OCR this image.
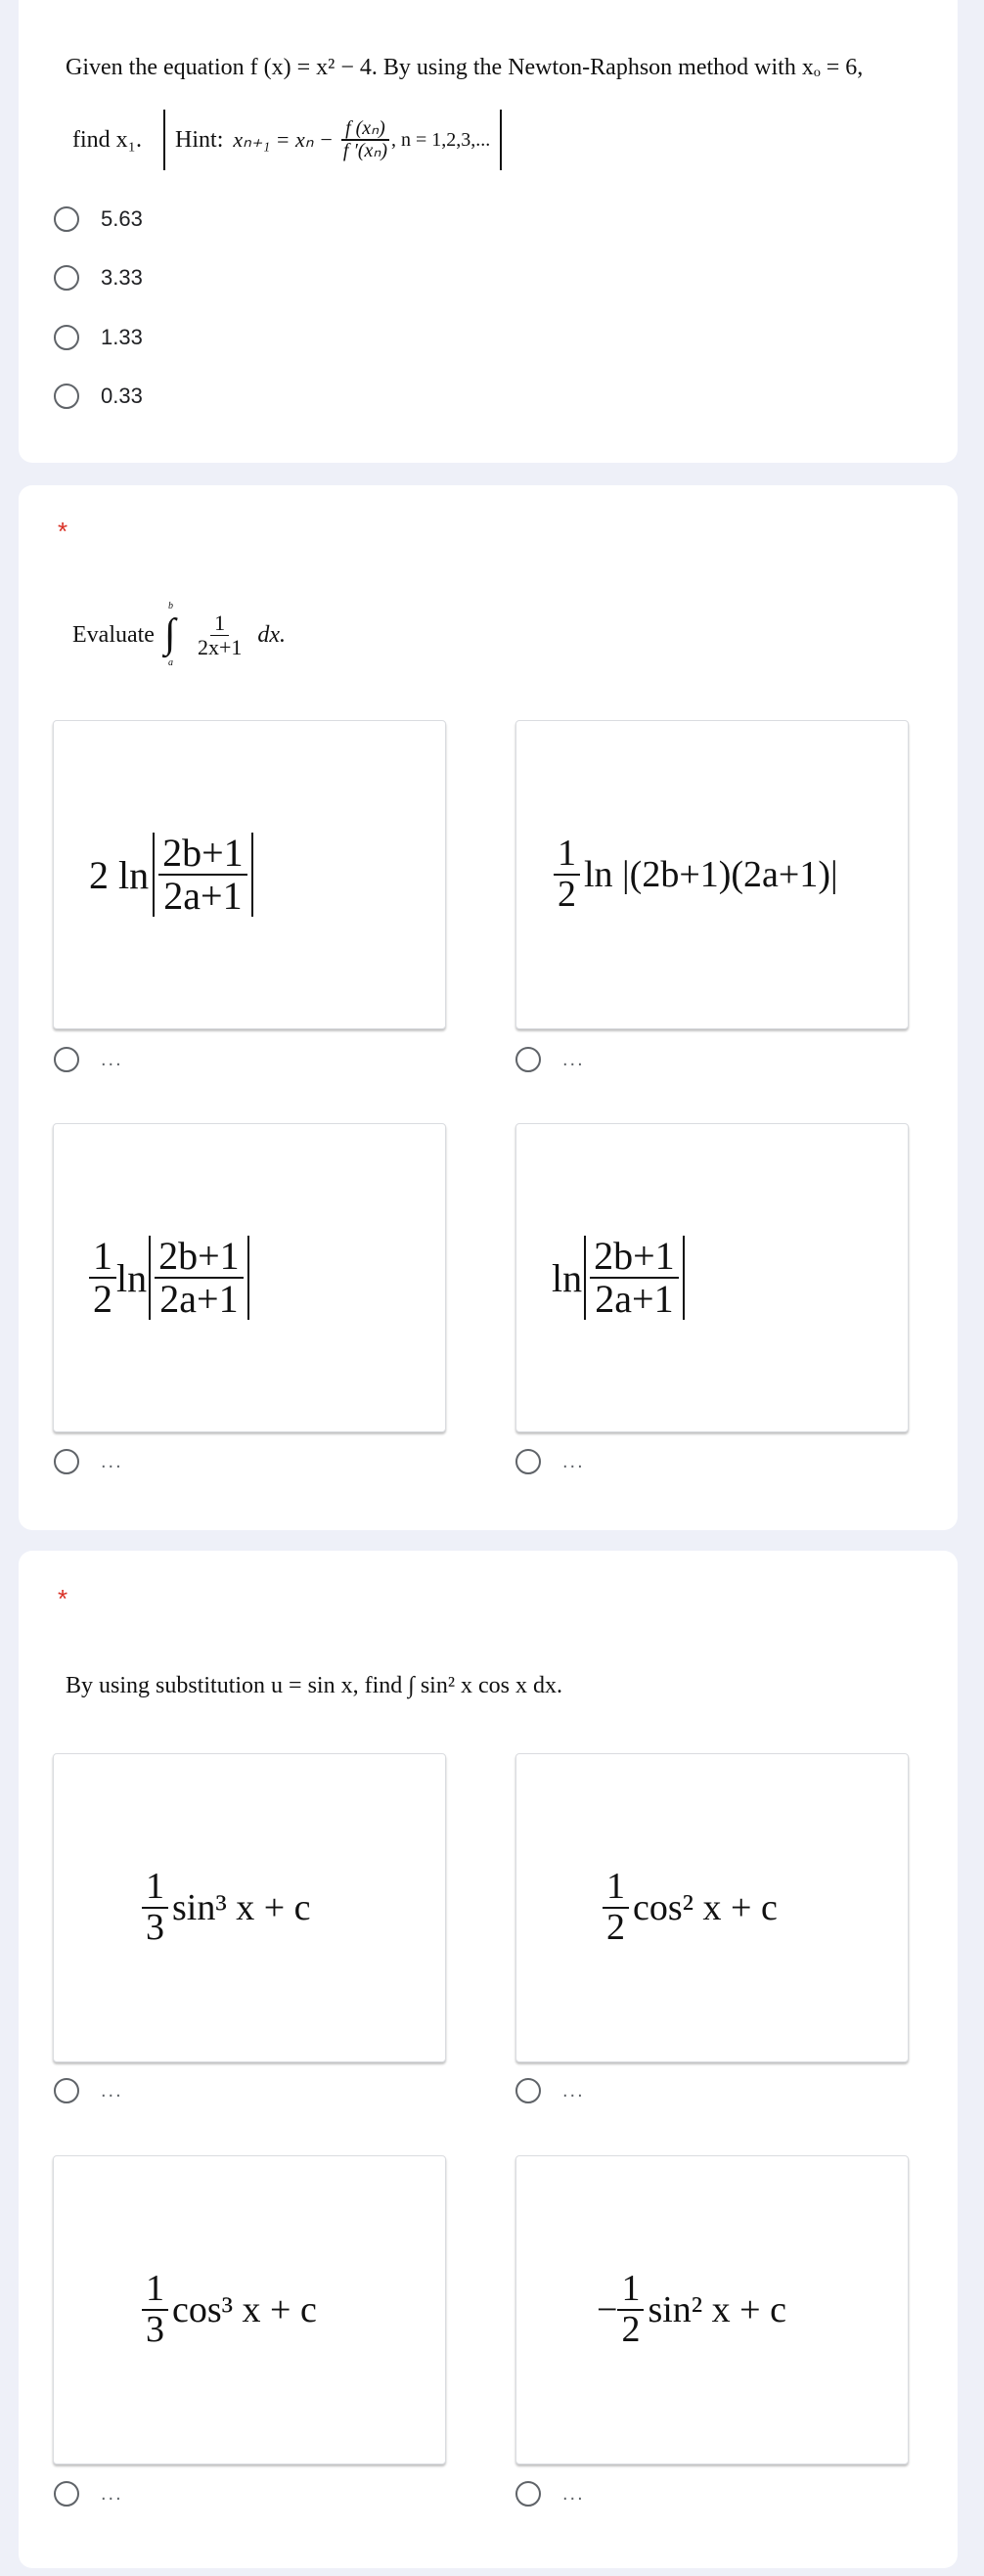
Given the equation f (x) = x² − 4. By using the Newton-Raphson method with xₒ = 6,
find x₁. Hint: $x_{n+1} = x_n - \frac{\text{f (xₙ)}}{\text{f ′(xₙ)}}$ , n = 1,2,3,...
5.63
3.33
1.33
0.33
*
Evaluate
b
∫
a
$\frac{1}{2x+1}$ dx.
2 $\ln \frac{2b+1}{2a+1}$
...
$\frac{1}{2}$ ln |(2b+1)(2a+1)|
...
$\frac{1}{2}$ $\ln \frac{2b+1}{2a+1}$
...
$\ln \frac{2b+1}{2a+1}$
...
*
By using substitution u = sin x, find ∫ sin² x cos x dx.
$\frac{1}{3} \sin^3$ x + c
...
$\frac{1}{2} \cos^2$ x + c
...
$\frac{1}{3} \cos^3$ x + c
...
− $\frac{1}{2} \sin^2$ x + c
...
